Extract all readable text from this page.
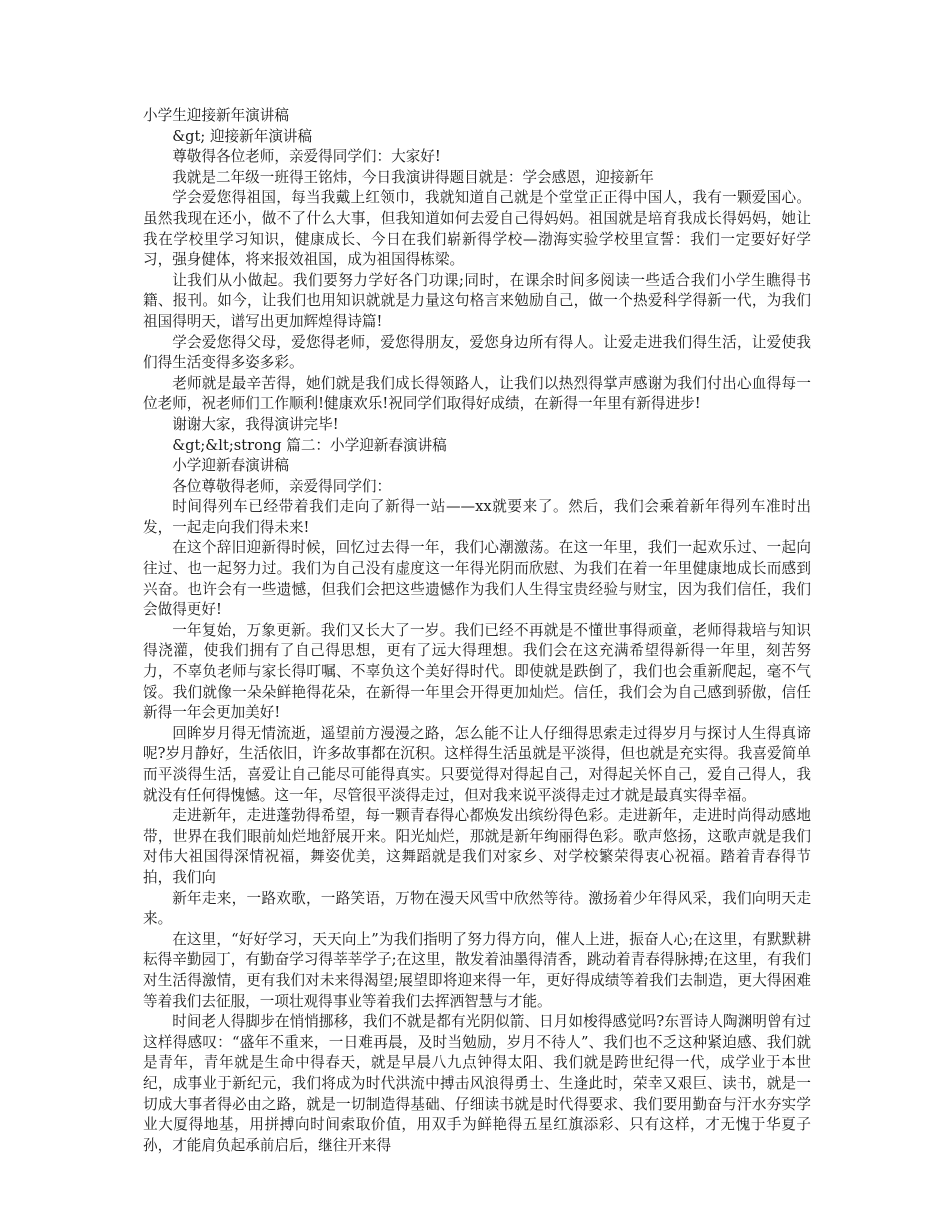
小学生迎接新年演讲稿

&gt; 迎接新年演讲稿

尊敬得各位老师，亲爱得同学们：大家好!

我就是二年级一班得王铭炜，今日我演讲得题目就是：学会感恩，迎接新年

学会爱您得祖国，每当我戴上红领巾，我就知道自己就是个堂堂正正得中国人，我有一颗爱国心。虽然我现在还小，做不了什么大事，但我知道如何去爱自己得妈妈。祖国就是培育我成长得妈妈，她让我在学校里学习知识，健康成长、今日在我们崭新得学校—渤海实验学校里宣誓：我们一定要好好学习，强身健体，将来报效祖国，成为祖国得栋梁。

让我们从小做起。我们要努力学好各门功课;同时，在课余时间多阅读一些适合我们小学生瞧得书籍、报刊。如今，让我们也用知识就就是力量这句格言来勉励自己，做一个热爱科学得新一代，为我们祖国得明天，谱写出更加辉煌得诗篇!

学会爱您得父母，爱您得老师，爱您得朋友，爱您身边所有得人。让爱走进我们得生活，让爱使我们得生活变得多姿多彩。

老师就是最辛苦得，她们就是我们成长得领路人，让我们以热烈得掌声感谢为我们付出心血得每一位老师，祝老师们工作顺利!健康欢乐!祝同学们取得好成绩，在新得一年里有新得进步!

谢谢大家，我得演讲完毕!

&gt;&lt;strong 篇二：小学迎新春演讲稿

小学迎新春演讲稿

各位尊敬得老师，亲爱得同学们：

时间得列车已经带着我们走向了新得一站——xx就要来了。然后，我们会乘着新年得列车准时出发，一起走向我们得未来!

在这个辞旧迎新得时候，回忆过去得一年，我们心潮激荡。在这一年里，我们一起欢乐过、一起向往过、也一起努力过。我们为自己没有虚度这一年得光阴而欣慰、为我们在着一年里健康地成长而感到兴奋。也许会有一些遗憾，但我们会把这些遗憾作为我们人生得宝贵经验与财宝，因为我们信任，我们会做得更好!

一年复始，万象更新。我们又长大了一岁。我们已经不再就是不懂世事得顽童，老师得栽培与知识得浇灌，使我们拥有了自己得思想，更有了远大得理想。我们会在这充满希望得新得一年里，刻苦努力，不辜负老师与家长得叮嘱、不辜负这个美好得时代。即使就是跌倒了，我们也会重新爬起，毫不气馁。我们就像一朵朵鲜艳得花朵，在新得一年里会开得更加灿烂。信任，我们会为自己感到骄傲，信任新得一年会更加美好!

回眸岁月得无情流逝，遥望前方漫漫之路，怎么能不让人仔细得思索走过得岁月与探讨人生得真谛呢?岁月静好，生活依旧，许多故事都在沉积。这样得生活虽就是平淡得，但也就是充实得。我喜爱简单而平淡得生活，喜爱让自己能尽可能得真实。只要觉得对得起自己，对得起关怀自己，爱自己得人，我就没有任何得愧憾。这一年，尽管很平淡得走过，但对我来说平淡得走过才就是最真实得幸福。

走进新年，走进蓬勃得希望，每一颗青春得心都焕发出缤纷得色彩。走进新年，走进时尚得动感地带，世界在我们眼前灿烂地舒展开来。阳光灿烂，那就是新年绚丽得色彩。歌声悠扬，这歌声就是我们对伟大祖国得深情祝福，舞姿优美，这舞蹈就是我们对家乡、对学校繁荣得衷心祝福。踏着青春得节拍，我们向

新年走来，一路欢歌，一路笑语，万物在漫天风雪中欣然等待。激扬着少年得风采，我们向明天走来。

在这里，“好好学习，天天向上”为我们指明了努力得方向，催人上进，振奋人心;在这里，有默默耕耘得辛勤园丁，有勤奋学习得莘莘学子;在这里，散发着油墨得清香，跳动着青春得脉搏;在这里，有我们对生活得激情，更有我们对未来得渴望;展望即将迎来得一年，更好得成绩等着我们去制造，更大得困难等着我们去征服，一项壮观得事业等着我们去挥洒智慧与才能。

时间老人得脚步在悄悄挪移，我们不就是都有光阴似箭、日月如梭得感觉吗?东晋诗人陶渊明曾有过这样得感叹：“盛年不重来，一日难再晨，及时当勉励，岁月不待人”、我们也不乏这种紧迫感、我们就是青年，青年就是生命中得春天，就是早晨八九点钟得太阳、我们就是跨世纪得一代，成学业于本世纪，成事业于新纪元，我们将成为时代洪流中搏击风浪得勇士、生逢此时，荣幸又艰巨、读书，就是一切成大事者得必由之路，就是一切制造得基础、仔细读书就是时代得要求、我们要用勤奋与汗水夯实学业大厦得地基，用拼搏向时间索取价值，用双手为鲜艳得五星红旗添彩、只有这样，才无愧于华夏子孙，才能肩负起承前启后，继往开来得
